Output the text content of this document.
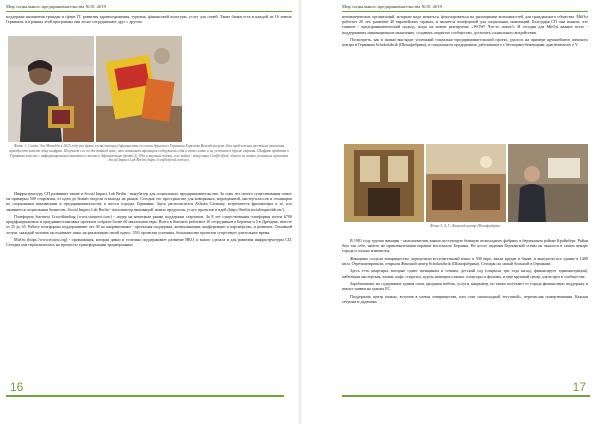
Мир социального предпринимательства №10, 2019

поддержке инициатив граждан в сфере IT, развития здравоохранения, туризма, финансовой культуры, услуг для семей. Такие банки есть в каждой из 16 земель Германии, и в рамках этой программы они тесно сотрудничают друг с другом.

Фото 1: Салим Эль-Могадди в 2015 году (на фото слева) покинул Афганистан со своим другом из Германии Хорстом Вегенбергером. Они предложили местным жителям приобрести вместе одну шафран. Получает его по достойной цене, что позволяет афганцам содержать себя и свою семью и не уезжать в другие страны. Шафран продают в Германии вместе с информационным пакетом о жизни в Афганистане (фото 2). Еда и вкусная жизнь, а не война - концепция Conflictfood, одного из самых успешных проектов Social Impact Lab Berlin (https://conflictfood.com/en).

Инфраструктуру СП развивает также и Social Impact Lab Berlin - инкубатор для социального предпринимательства. За семь лет своего существования помог он примерно 500 стартапам, от идеи до бизнес-модели и выхода на рынок. Сегодня это пространство для коворкинга, мероприятий, мастер-классов и семинаров по социальным инновациям и предпринимательству в шести городах Германии. Здесь располагается Ashoka Germany, встречаются фрилансеры и те, кто занимается социальным бизнесом. Social Impact Lab Berlin - катализатор инноваций, новых продуктов, услуг, проектов и идей (https://berlin.socialimpactlab.eu/).

Платформа Startnext Crowdfunding (www.startnext.com) - лидер на немецком рынке поддержки стартапов. За 8 лет существования платформы почти 6700 краудфандинговых и краудинвестинговых проектов собрали более 60 миллионов евро. Всего в Startnext работают 10 сотрудников в Берлине и 5 в Дрездене, вместе от 25 до 35. Работу платформы поддерживают лет 30 по направлениям - проектная поддержка, коммуникации, конференции и партнёрство, и развитие. Основной лозунг «каждый человек заслуживает шанс на реализацию своей идеи». 55% проектов успешны, большинство проектов существует длительное время.

MitOst (https://www.mitost.org) - организация, которая давно и успешно поддерживает развитие НКО, и много сделала и для развития инфраструктуры СП. Сегодня она переключилась на процессы трансформации традиционных

16
Мир социального предпринимательства №10, 2019

некоммерческих организаций, которым надо меняться, фокусироваться на расширении возможностей для гражданского общества. MitOst работает 20 лет, развитие 40 европейских странах, и является платформой для социальных инноваций. Благодаря СП они поняли, что главное - предпринимательский подход, когда на новые реагируешь «WOW! Что-то новое!» И сегодня для MitOst важнее всего - поддерживать инновационное мышление, создавать открытое сообщество, достигать социального воздействия.

Посмотреть, как в жизни выглядит успешный социально-предпринимательский проект, удалось на примере крупнейшего женского центра в Германии Schokofabrik (Шокофабрика), и социального предприятия, работающего с беглецами-беженцами, quartiermeister e.V.

Фото 3, 4, 5: Женский центр Шокофабрика

В 1981 году группа женщин - самозахватчиц заняла пустующую бывшую шоколадную фабрику в берлинском районе Кройцберг. Район был так себе, ничего не привлекательная окраина восточного Берлина. Но после падения Берлинской стены он оказался в самом центре города и сильно изменился.

Женщины создали товарищество, определили вступительный взнос в 500 евро, взяли кредит в банке, и выкупили все здание в 1400 кв.м. Отремонтировали, открыли Женский центр Schokofabrik (Шокофабрика). Сегодня он самый большой в Германии.

Здесь есть квартиры, которые сдают женщинам и семьям, детский сад (открыли три года назад, финансирует администрация), мебельная мастерская, хамам, кафе, спортзал, курсы немецкого языка, спонсоры и фильмы, и ещё крупный центр для встреч и сообщества.

Зарабатывают на содержание здания сами, продавая мебель, услуги, например, по также получают от города финансовую поддержку и пишут заявки на гранты ЕС.

Поддержать центр можно, вступив в члены товарищества, или став «шоколадной тетушкой», перечисляя пожертвования. Каждая тетушка и дядюшка

17
